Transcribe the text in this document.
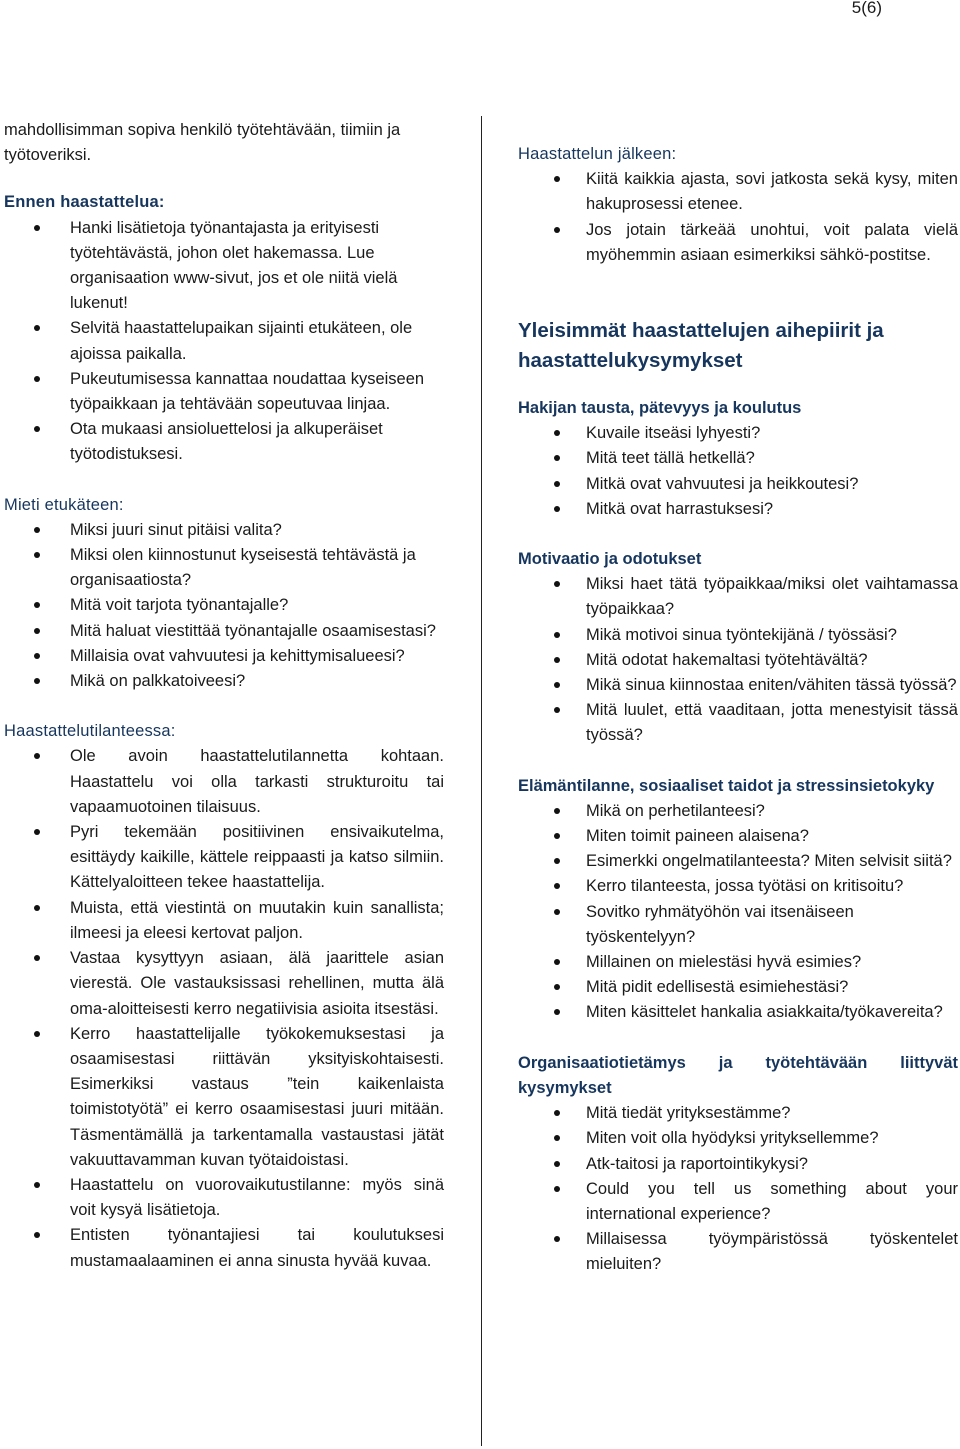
5(6)

mahdollisimman sopiva henkilö työtehtävään, tiimiin ja työtoveriksi.

Ennen haastattelua:
Hanki lisätietoja työnantajasta ja erityisesti työtehtävästä, johon olet hakemassa. Lue organisaation www-sivut, jos et ole niitä vielä lukenut!
Selvitä haastattelupaikan sijainti etukäteen, ole ajoissa paikalla.
Pukeutumisessa kannattaa noudattaa kyseiseen työpaikkaan ja tehtävään sopeutuvaa linjaa.
Ota mukaasi ansioluettelosi ja alkuperäiset työtodistuksesi.
Mieti etukäteen:
Miksi juuri sinut pitäisi valita?
Miksi olen kiinnostunut kyseisestä tehtävästä ja organisaatiosta?
Mitä voit tarjota työnantajalle?
Mitä haluat viestittää työnantajalle osaamisestasi?
Millaisia ovat vahvuutesi ja kehittymisalueesi?
Mikä on palkkatoiveesi?
Haastattelutilanteessa:
Ole avoin haastattelutilannetta kohtaan. Haastattelu voi olla tarkasti strukturoitu tai vapaamuotoinen tilaisuus.
Pyri tekemään positiivinen ensivaikutelma, esittäydy kaikille, kättele reippaasti ja katso silmiin. Kättelyaloitteen tekee haastattelija.
Muista, että viestintä on muutakin kuin sanallista; ilmeesi ja eleesi kertovat paljon.
Vastaa kysyttyyn asiaan, älä jaarittele asian vierestä. Ole vastauksissasi rehellinen, mutta älä oma-aloitteisesti kerro negatiivisia asioita itsestäsi.
Kerro haastattelijalle työkokemuksestasi ja osaamisestasi riittävän yksityiskohtaisesti. Esimerkiksi vastaus ”tein kaikenlaista toimistotyötä” ei kerro osaamisestasi juuri mitään. Täsmentämällä ja tarkentamalla vastaustasi jätät vakuuttavamman kuvan työtaidoistasi.
Haastattelu on vuorovaikutustilanne: myös sinä voit kysyä lisätietoja.
Entisten työnantajiesi tai koulutuksesi mustamaalaaminen ei anna sinusta hyvää kuvaa.
Haastattelun jälkeen:
Kiitä kaikkia ajasta, sovi jatkosta sekä kysy, miten hakuprosessi etenee.
Jos jotain tärkeää unohtui, voit palata vielä myöhemmin asiaan esimerkiksi sähkö-postitse.
Yleisimmät haastattelujen aihepiirit ja haastattelukysymykset
Hakijan tausta, pätevyys ja koulutus
Kuvaile itseäsi lyhyesti?
Mitä teet tällä hetkellä?
Mitkä ovat vahvuutesi ja heikkoutesi?
Mitkä ovat harrastuksesi?
Motivaatio ja odotukset
Miksi haet tätä työpaikkaa/miksi olet vaihtamassa työpaikkaa?
Mikä motivoi sinua työntekijänä / työssäsi?
Mitä odotat hakemaltasi työtehtävältä?
Mikä sinua kiinnostaa eniten/vähiten tässä työssä?
Mitä luulet, että vaaditaan, jotta menestyisit tässä työssä?
Elämäntilanne, sosiaaliset taidot ja stressinsietokyky
Mikä on perhetilanteesi?
Miten toimit paineen alaisena?
Esimerkki ongelmatilanteesta? Miten selvisit siitä?
Kerro tilanteesta, jossa työtäsi on kritisoitu?
Sovitko ryhmätyöhön vai itsenäiseen työskentelyyn?
Millainen on mielestäsi hyvä esimies?
Mitä pidit edellisestä esimiehestäsi?
Miten käsittelet hankalia asiakkaita/työkavereita?
Organisaatiotietämys ja työtehtävään liittyvät kysymykset
Mitä tiedät yrityksestämme?
Miten voit olla hyödyksi yrityksellemme?
Atk-taitosi ja raportointikykysi?
Could you tell us something about your international experience?
Millaisessa työympäristössä työskentelet mieluiten?
